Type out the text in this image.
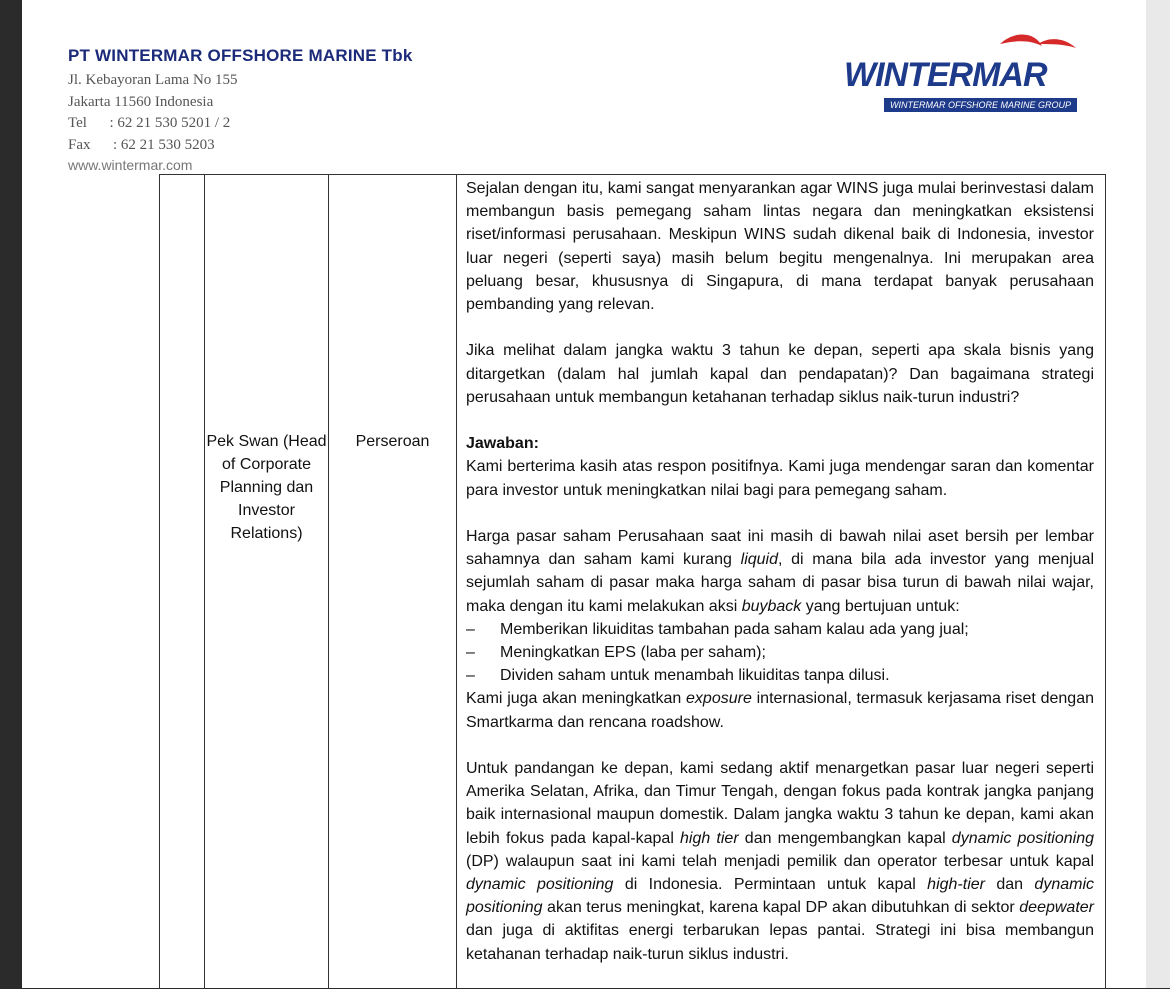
PT WINTERMAR OFFSHORE MARINE Tbk
Jl. Kebayoran Lama No 155
Jakarta 11560 Indonesia
Tel      : 62 21 530 5201 / 2
Fax      : 62 21 530 5203
www.wintermar.com
WINTERMAR
WINTERMAR OFFSHORE MARINE GROUP
Pek Swan (Head of Corporate Planning dan Investor Relations)
Perseroan

Sejalan dengan itu, kami sangat menyarankan agar WINS juga mulai berinvestasi dalam membangun basis pemegang saham lintas negara dan meningkatkan eksistensi riset/informasi perusahaan. Meskipun WINS sudah dikenal baik di Indonesia, investor luar negeri (seperti saya) masih belum begitu mengenalnya. Ini merupakan area peluang besar, khususnya di Singapura, di mana terdapat banyak perusahaan pembanding yang relevan.

Jika melihat dalam jangka waktu 3 tahun ke depan, seperti apa skala bisnis yang ditargetkan (dalam hal jumlah kapal dan pendapatan)? Dan bagaimana strategi perusahaan untuk membangun ketahanan terhadap siklus naik-turun industri?

Jawaban:

Kami berterima kasih atas respon positifnya. Kami juga mendengar saran dan komentar para investor untuk meningkatkan nilai bagi para pemegang saham.

Harga pasar saham Perusahaan saat ini masih di bawah nilai aset bersih per lembar sahamnya dan saham kami kurang liquid, di mana bila ada investor yang menjual sejumlah saham di pasar maka harga saham di pasar bisa turun di bawah nilai wajar, maka dengan itu kami melakukan aksi buyback yang bertujuan untuk:

–	Memberikan likuiditas tambahan pada saham kalau ada yang jual;
–	Meningkatkan EPS (laba per saham);
–	Dividen saham untuk menambah likuiditas tanpa dilusi.

Kami juga akan meningkatkan exposure internasional, termasuk kerjasama riset dengan Smartkarma dan rencana roadshow.

Untuk pandangan ke depan, kami sedang aktif menargetkan pasar luar negeri seperti Amerika Selatan, Afrika, dan Timur Tengah, dengan fokus pada kontrak jangka panjang baik internasional maupun domestik. Dalam jangka waktu 3 tahun ke depan, kami akan lebih fokus pada kapal-kapal high tier dan mengembangkan kapal dynamic positioning (DP) walaupun saat ini kami telah menjadi pemilik dan operator terbesar untuk kapal dynamic positioning di Indonesia. Permintaan untuk kapal high-tier dan dynamic positioning akan terus meningkat, karena kapal DP akan dibutuhkan di sektor deepwater dan juga di aktifitas energi terbarukan lepas pantai. Strategi ini bisa membangun ketahanan terhadap naik-turun siklus industri.
